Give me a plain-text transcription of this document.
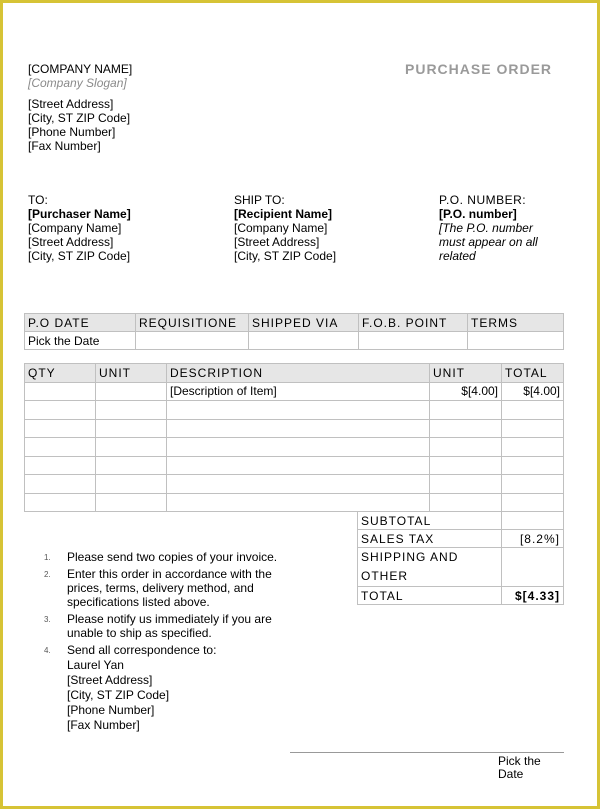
[COMPANY NAME]
[Company Slogan]
[Street Address]
[City, ST ZIP Code]
[Phone Number]
[Fax Number]
PURCHASE ORDER
TO:
[Purchaser Name]
[Company Name]
[Street Address]
[City, ST ZIP Code]
SHIP TO:
[Recipient Name]
[Company Name]
[Street Address]
[City, ST ZIP Code]
P.O. NUMBER:
[P.O. number]
[The P.O. number
must appear on all
related
P.O DATE	REQUISITIONE	SHIPPED VIA	F.O.B. POINT	TERMS
Pick the Date				
QTY	UNIT	DESCRIPTION	UNIT	TOTAL
		[Description of Item]	$[4.00]	$[4.00]

SUBTOTAL	
SALES TAX	[8.2%]

SHIPPING AND
OTHER	

TOTAL	$[4.33]
1. Please send two copies of your invoice.
2. Enter this order in accordance with the prices, terms, delivery method, and specifications listed above.
3. Please notify us immediately if you are unable to ship as specified.
4. Send all correspondence to:
Laurel Yan
[Street Address]
[City, ST ZIP Code]
[Phone Number]
[Fax Number]
Pick the
Date
